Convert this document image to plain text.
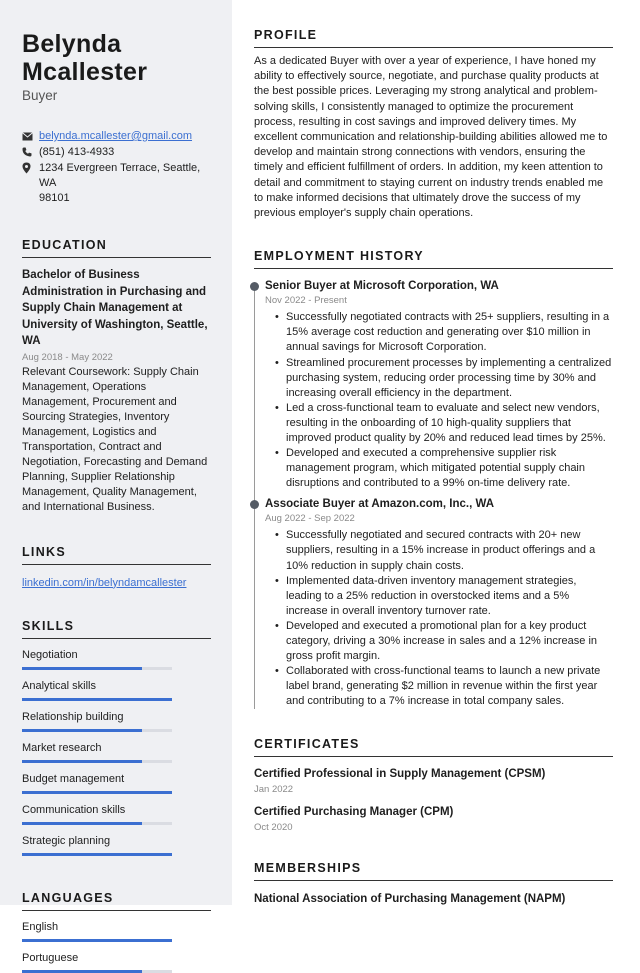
Belynda
Mcallester
Buyer
belynda.mcallester@gmail.com
(851) 413-4933
1234 Evergreen Terrace, Seattle, WA
98101
EDUCATION
Bachelor of Business Administration in Purchasing and Supply Chain Management at University of Washington, Seattle, WA
Aug 2018 - May 2022
Relevant Coursework: Supply Chain Management, Operations Management, Procurement and Sourcing Strategies, Inventory Management, Logistics and Transportation, Contract and Negotiation, Forecasting and Demand Planning, Supplier Relationship Management, Quality Management, and International Business.
LINKS
linkedin.com/in/belyndamcallester
SKILLS
Negotiation
Analytical skills
Relationship building
Market research
Budget management
Communication skills
Strategic planning
LANGUAGES
English
Portuguese
PROFILE
As a dedicated Buyer with over a year of experience, I have honed my ability to effectively source, negotiate, and purchase quality products at the best possible prices. Leveraging my strong analytical and problem-solving skills, I consistently managed to optimize the procurement process, resulting in cost savings and improved delivery times. My excellent communication and relationship-building abilities allowed me to develop and maintain strong connections with vendors, ensuring the timely and efficient fulfillment of orders. In addition, my keen attention to detail and commitment to staying current on industry trends enabled me to make informed decisions that ultimately drove the success of my previous employer's supply chain operations.
EMPLOYMENT HISTORY
Senior Buyer at Microsoft Corporation, WA
Nov 2022 - Present
• Successfully negotiated contracts with 25+ suppliers, resulting in a 15% average cost reduction and generating over $10 million in annual savings for Microsoft Corporation.
• Streamlined procurement processes by implementing a centralized purchasing system, reducing order processing time by 30% and increasing overall efficiency in the department.
• Led a cross-functional team to evaluate and select new vendors, resulting in the onboarding of 10 high-quality suppliers that improved product quality by 20% and reduced lead times by 25%.
• Developed and executed a comprehensive supplier risk management program, which mitigated potential supply chain disruptions and contributed to a 99% on-time delivery rate.
Associate Buyer at Amazon.com, Inc., WA
Aug 2022 - Sep 2022
• Successfully negotiated and secured contracts with 20+ new suppliers, resulting in a 15% increase in product offerings and a 10% reduction in supply chain costs.
• Implemented data-driven inventory management strategies, leading to a 25% reduction in overstocked items and a 5% increase in overall inventory turnover rate.
• Developed and executed a promotional plan for a key product category, driving a 30% increase in sales and a 12% increase in gross profit margin.
• Collaborated with cross-functional teams to launch a new private label brand, generating $2 million in revenue within the first year and contributing to a 7% increase in total company sales.
CERTIFICATES
Certified Professional in Supply Management (CPSM)
Jan 2022
Certified Purchasing Manager (CPM)
Oct 2020
MEMBERSHIPS
National Association of Purchasing Management (NAPM)
